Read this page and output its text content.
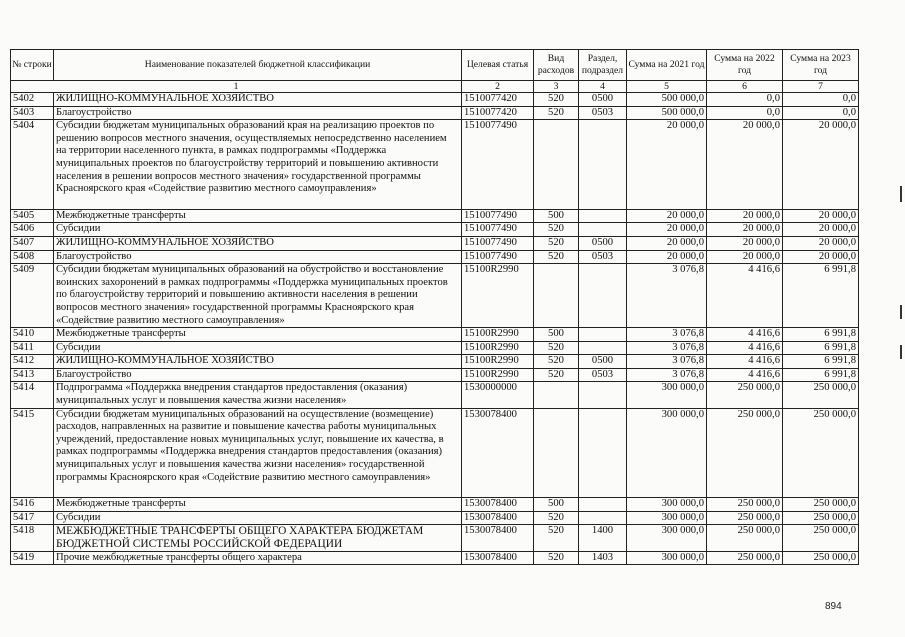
№ строки	Наименование показателей бюджетной классификации	Целевая статья	Вид расходов	Раздел, подраздел	Сумма на 2021 год	Сумма на 2022 год	Сумма на 2023 год
1		2	3	4	5	6	7
5402	ЖИЛИЩНО-КОММУНАЛЬНОЕ ХОЗЯЙСТВО	1510077420	520	0500	500 000,0	0,0	0,0
5403	Благоустройство	1510077420	520	0503	500 000,0	0,0	0,0
5404	Субсидии бюджетам муниципальных образований края на реализацию проектов по решению вопросов местного значения, осуществляемых непосредственно населением на территории населенного пункта, в рамках подпрограммы «Поддержка муниципальных проектов по благоустройству территорий и повышению активности населения в решении вопросов местного значения» государственной программы Красноярского края «Содействие развитию местного самоуправления»	1510077490			20 000,0	20 000,0	20 000,0
5405	Межбюджетные трансферты	1510077490	500		20 000,0	20 000,0	20 000,0
5406	Субсидии	1510077490	520		20 000,0	20 000,0	20 000,0
5407	ЖИЛИЩНО-КОММУНАЛЬНОЕ ХОЗЯЙСТВО	1510077490	520	0500	20 000,0	20 000,0	20 000,0
5408	Благоустройство	1510077490	520	0503	20 000,0	20 000,0	20 000,0
5409	Субсидии бюджетам муниципальных образований на обустройство и восстановление воинских захоронений в рамках подпрограммы «Поддержка муниципальных проектов по благоустройству территорий и повышению активности населения в решении вопросов местного значения» государственной программы Красноярского края «Содействие развитию местного самоуправления»	15100R2990			3 076,8	4 416,6	6 991,8
5410	Межбюджетные трансферты	15100R2990	500		3 076,8	4 416,6	6 991,8
5411	Субсидии	15100R2990	520		3 076,8	4 416,6	6 991,8
5412	ЖИЛИЩНО-КОММУНАЛЬНОЕ ХОЗЯЙСТВО	15100R2990	520	0500	3 076,8	4 416,6	6 991,8
5413	Благоустройство	15100R2990	520	0503	3 076,8	4 416,6	6 991,8
5414	Подпрограмма «Поддержка внедрения стандартов предоставления (оказания) муниципальных услуг и повышения качества жизни населения»	1530000000			300 000,0	250 000,0	250 000,0
5415	Субсидии бюджетам муниципальных образований на осуществление (возмещение) расходов, направленных на развитие и повышение качества работы муниципальных учреждений, предоставление новых муниципальных услуг, повышение их качества, в рамках подпрограммы «Поддержка внедрения стандартов предоставления (оказания) муниципальных услуг и повышения качества жизни населения» государственной программы Красноярского края «Содействие развитию местного самоуправления»	1530078400			300 000,0	250 000,0	250 000,0
5416	Межбюджетные трансферты	1530078400	500		300 000,0	250 000,0	250 000,0
5417	Субсидии	1530078400	520		300 000,0	250 000,0	250 000,0
5418	МЕЖБЮДЖЕТНЫЕ ТРАНСФЕРТЫ ОБЩЕГО ХАРАКТЕРА БЮДЖЕТАМ БЮДЖЕТНОЙ СИСТЕМЫ РОССИЙСКОЙ ФЕДЕРАЦИИ	1530078400	520	1400	300 000,0	250 000,0	250 000,0
5419	Прочие межбюджетные трансферты общего характера	1530078400	520	1403	300 000,0	250 000,0	250 000,0
894
